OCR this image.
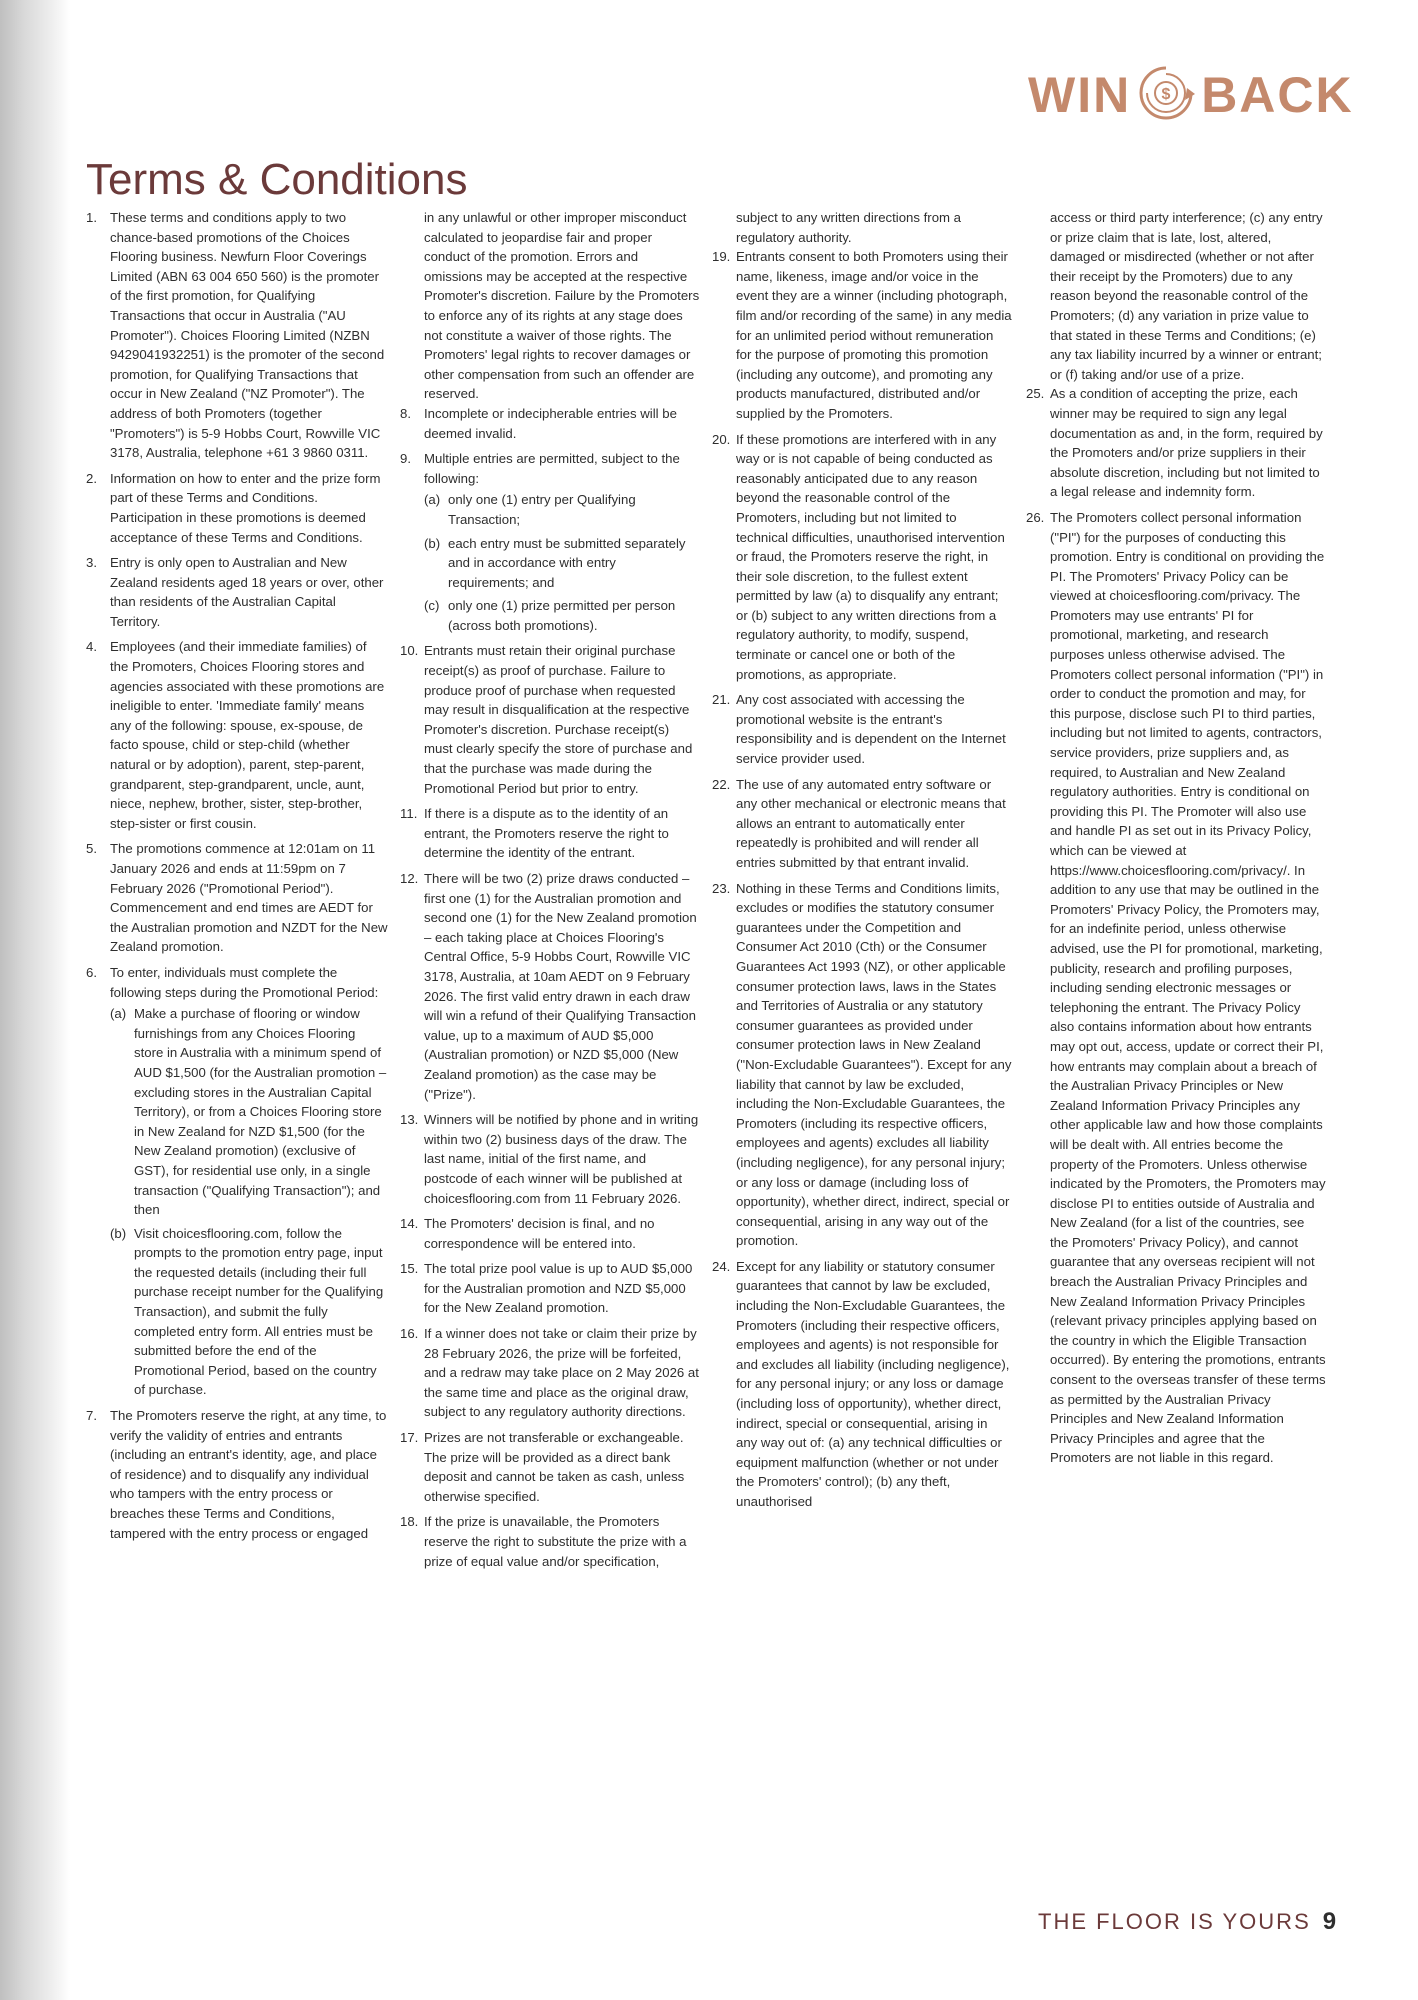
WIN $ BACK
Terms & Conditions
1. These terms and conditions apply to two chance-based promotions of the Choices Flooring business. Newfurn Floor Coverings Limited (ABN 63 004 650 560) is the promoter of the first promotion, for Qualifying Transactions that occur in Australia ("AU Promoter"). Choices Flooring Limited (NZBN 9429041932251) is the promoter of the second promotion, for Qualifying Transactions that occur in New Zealand ("NZ Promoter"). The address of both Promoters (together "Promoters") is 5-9 Hobbs Court, Rowville VIC 3178, Australia, telephone +61 3 9860 0311.
2. Information on how to enter and the prize form part of these Terms and Conditions. Participation in these promotions is deemed acceptance of these Terms and Conditions.
3. Entry is only open to Australian and New Zealand residents aged 18 years or over, other than residents of the Australian Capital Territory.
4. Employees (and their immediate families) of the Promoters, Choices Flooring stores and agencies associated with these promotions are ineligible to enter. 'Immediate family' means any of the following: spouse, ex-spouse, de facto spouse, child or step-child (whether natural or by adoption), parent, step-parent, grandparent, step-grandparent, uncle, aunt, niece, nephew, brother, sister, step-brother, step-sister or first cousin.
5. The promotions commence at 12:01am on 11 January 2026 and ends at 11:59pm on 7 February 2026 ("Promotional Period"). Commencement and end times are AEDT for the Australian promotion and NZDT for the New Zealand promotion.
6. To enter, individuals must complete the following steps during the Promotional Period:
(a) Make a purchase of flooring or window furnishings from any Choices Flooring store in Australia with a minimum spend of AUD $1,500 (for the Australian promotion – excluding stores in the Australian Capital Territory), or from a Choices Flooring store in New Zealand for NZD $1,500 (for the New Zealand promotion) (exclusive of GST), for residential use only, in a single transaction ("Qualifying Transaction"); and then
(b) Visit choicesflooring.com, follow the prompts to the promotion entry page, input the requested details (including their full purchase receipt number for the Qualifying Transaction), and submit the fully completed entry form. All entries must be submitted before the end of the Promotional Period, based on the country of purchase.
7. The Promoters reserve the right, at any time, to verify the validity of entries and entrants (including an entrant's identity, age, and place of residence) and to disqualify any individual who tampers with the entry process or breaches these Terms and Conditions, tampered with the entry process or engaged
in any unlawful or other improper misconduct calculated to jeopardise fair and proper conduct of the promotion. Errors and omissions may be accepted at the respective Promoter's discretion. Failure by the Promoters to enforce any of its rights at any stage does not constitute a waiver of those rights. The Promoters' legal rights to recover damages or other compensation from such an offender are reserved.
8. Incomplete or indecipherable entries will be deemed invalid.
9. Multiple entries are permitted, subject to the following:
(a) only one (1) entry per Qualifying Transaction;
(b) each entry must be submitted separately and in accordance with entry requirements; and
(c) only one (1) prize permitted per person (across both promotions).
10. Entrants must retain their original purchase receipt(s) as proof of purchase. Failure to produce proof of purchase when requested may result in disqualification at the respective Promoter's discretion. Purchase receipt(s) must clearly specify the store of purchase and that the purchase was made during the Promotional Period but prior to entry.
11. If there is a dispute as to the identity of an entrant, the Promoters reserve the right to determine the identity of the entrant.
12. There will be two (2) prize draws conducted – first one (1) for the Australian promotion and second one (1) for the New Zealand promotion – each taking place at Choices Flooring's Central Office, 5-9 Hobbs Court, Rowville VIC 3178, Australia, at 10am AEDT on 9 February 2026. The first valid entry drawn in each draw will win a refund of their Qualifying Transaction value, up to a maximum of AUD $5,000 (Australian promotion) or NZD $5,000 (New Zealand promotion) as the case may be ("Prize").
13. Winners will be notified by phone and in writing within two (2) business days of the draw. The last name, initial of the first name, and postcode of each winner will be published at choicesflooring.com from 11 February 2026.
14. The Promoters' decision is final, and no correspondence will be entered into.
15. The total prize pool value is up to AUD $5,000 for the Australian promotion and NZD $5,000 for the New Zealand promotion.
16. If a winner does not take or claim their prize by 28 February 2026, the prize will be forfeited, and a redraw may take place on 2 May 2026 at the same time and place as the original draw, subject to any regulatory authority directions.
17. Prizes are not transferable or exchangeable. The prize will be provided as a direct bank deposit and cannot be taken as cash, unless otherwise specified.
18. If the prize is unavailable, the Promoters reserve the right to substitute the prize with a prize of equal value and/or specification,
subject to any written directions from a regulatory authority.
19. Entrants consent to both Promoters using their name, likeness, image and/or voice in the event they are a winner (including photograph, film and/or recording of the same) in any media for an unlimited period without remuneration for the purpose of promoting this promotion (including any outcome), and promoting any products manufactured, distributed and/or supplied by the Promoters.
20. If these promotions are interfered with in any way or is not capable of being conducted as reasonably anticipated due to any reason beyond the reasonable control of the Promoters, including but not limited to technical difficulties, unauthorised intervention or fraud, the Promoters reserve the right, in their sole discretion, to the fullest extent permitted by law (a) to disqualify any entrant; or (b) subject to any written directions from a regulatory authority, to modify, suspend, terminate or cancel one or both of the promotions, as appropriate.
21. Any cost associated with accessing the promotional website is the entrant's responsibility and is dependent on the Internet service provider used.
22. The use of any automated entry software or any other mechanical or electronic means that allows an entrant to automatically enter repeatedly is prohibited and will render all entries submitted by that entrant invalid.
23. Nothing in these Terms and Conditions limits, excludes or modifies the statutory consumer guarantees under the Competition and Consumer Act 2010 (Cth) or the Consumer Guarantees Act 1993 (NZ), or other applicable consumer protection laws, laws in the States and Territories of Australia or any statutory consumer guarantees as provided under consumer protection laws in New Zealand ("Non-Excludable Guarantees"). Except for any liability that cannot by law be excluded, including the Non-Excludable Guarantees, the Promoters (including its respective officers, employees and agents) excludes all liability (including negligence), for any personal injury; or any loss or damage (including loss of opportunity), whether direct, indirect, special or consequential, arising in any way out of the promotion.
24. Except for any liability or statutory consumer guarantees that cannot by law be excluded, including the Non-Excludable Guarantees, the Promoters (including their respective officers, employees and agents) is not responsible for and excludes all liability (including negligence), for any personal injury; or any loss or damage (including loss of opportunity), whether direct, indirect, special or consequential, arising in any way out of: (a) any technical difficulties or equipment malfunction (whether or not under the Promoters' control); (b) any theft, unauthorised
access or third party interference; (c) any entry or prize claim that is late, lost, altered, damaged or misdirected (whether or not after their receipt by the Promoters) due to any reason beyond the reasonable control of the Promoters; (d) any variation in prize value to that stated in these Terms and Conditions; (e) any tax liability incurred by a winner or entrant; or (f) taking and/or use of a prize.
25. As a condition of accepting the prize, each winner may be required to sign any legal documentation as and, in the form, required by the Promoters and/or prize suppliers in their absolute discretion, including but not limited to a legal release and indemnity form.
26. The Promoters collect personal information ("PI") for the purposes of conducting this promotion. Entry is conditional on providing the PI. The Promoters' Privacy Policy can be viewed at choicesflooring.com/privacy. The Promoters may use entrants' PI for promotional, marketing, and research purposes unless otherwise advised. The Promoters collect personal information ("PI") in order to conduct the promotion and may, for this purpose, disclose such PI to third parties, including but not limited to agents, contractors, service providers, prize suppliers and, as required, to Australian and New Zealand regulatory authorities. Entry is conditional on providing this PI. The Promoter will also use and handle PI as set out in its Privacy Policy, which can be viewed at https://www.choicesflooring.com/privacy/. In addition to any use that may be outlined in the Promoters' Privacy Policy, the Promoters may, for an indefinite period, unless otherwise advised, use the PI for promotional, marketing, publicity, research and profiling purposes, including sending electronic messages or telephoning the entrant. The Privacy Policy also contains information about how entrants may opt out, access, update or correct their PI, how entrants may complain about a breach of the Australian Privacy Principles or New Zealand Information Privacy Principles any other applicable law and how those complaints will be dealt with. All entries become the property of the Promoters. Unless otherwise indicated by the Promoters, the Promoters may disclose PI to entities outside of Australia and New Zealand (for a list of the countries, see the Promoters' Privacy Policy), and cannot guarantee that any overseas recipient will not breach the Australian Privacy Principles and New Zealand Information Privacy Principles (relevant privacy principles applying based on the country in which the Eligible Transaction occurred). By entering the promotions, entrants consent to the overseas transfer of these terms as permitted by the Australian Privacy Principles and New Zealand Information Privacy Principles and agree that the Promoters are not liable in this regard.
THE FLOOR IS YOURS 9
